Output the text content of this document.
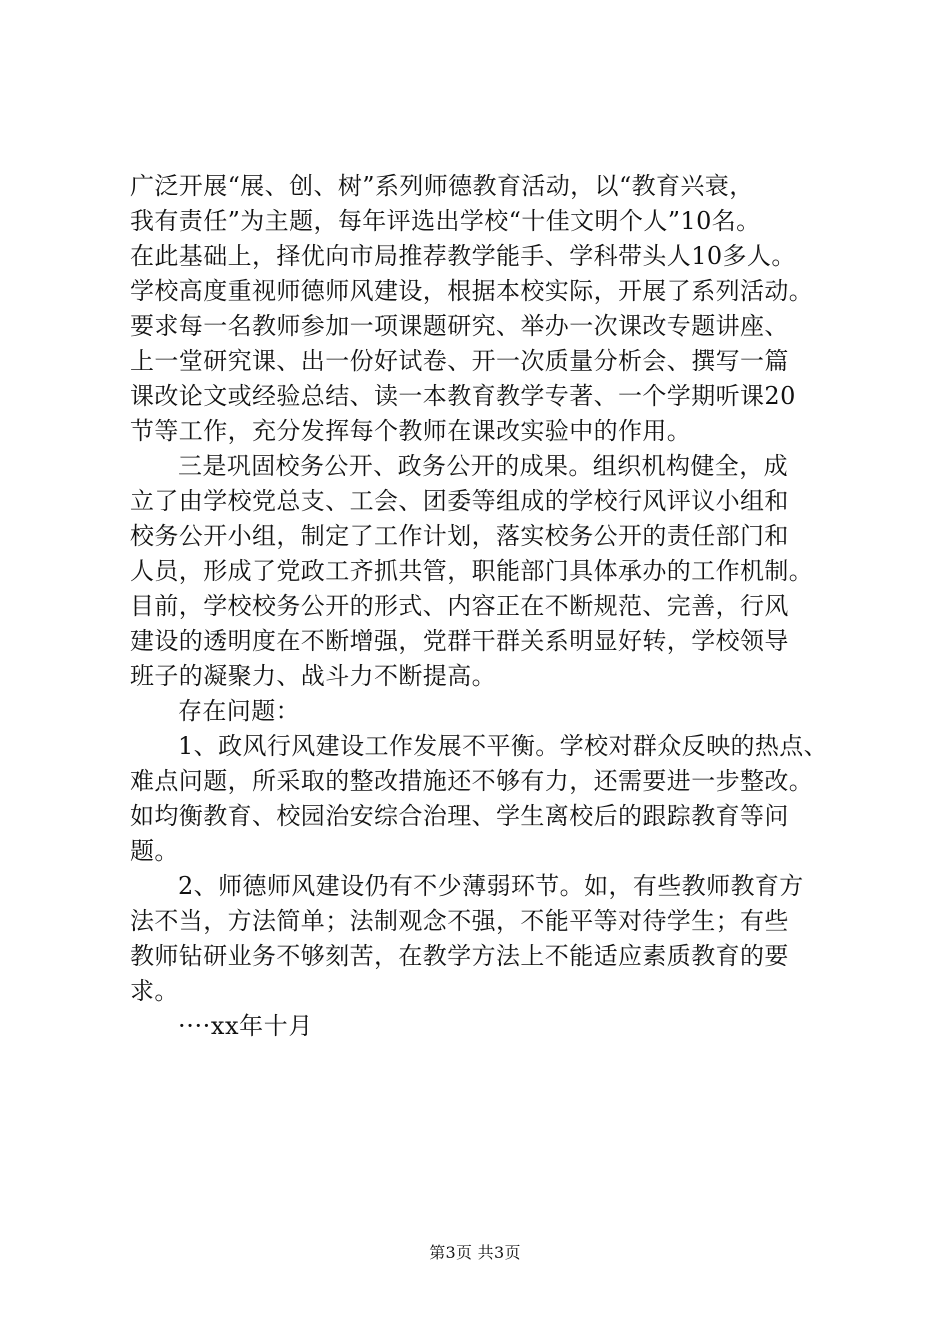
广泛开展“展、创、树”系列师德教育活动，以“教育兴衰，
我有责任”为主题，每年评选出学校“十佳文明个人”10名。
在此基础上，择优向市局推荐教学能手、学科带头人10多人。
学校高度重视师德师风建设，根据本校实际，开展了系列活动。
要求每一名教师参加一项课题研究、举办一次课改专题讲座、
上一堂研究课、出一份好试卷、开一次质量分析会、撰写一篇
课改论文或经验总结、读一本教育教学专著、一个学期听课20
节等工作，充分发挥每个教师在课改实验中的作用。
三是巩固校务公开、政务公开的成果。组织机构健全，成
立了由学校党总支、工会、团委等组成的学校行风评议小组和
校务公开小组，制定了工作计划，落实校务公开的责任部门和
人员，形成了党政工齐抓共管，职能部门具体承办的工作机制。
目前，学校校务公开的形式、内容正在不断规范、完善，行风
建设的透明度在不断增强，党群干群关系明显好转，学校领导
班子的凝聚力、战斗力不断提高。
存在问题：
1、政风行风建设工作发展不平衡。学校对群众反映的热点、
难点问题，所采取的整改措施还不够有力，还需要进一步整改。
如均衡教育、校园治安综合治理、学生离校后的跟踪教育等问
题。
2、师德师风建设仍有不少薄弱环节。如，有些教师教育方
法不当，方法简单；法制观念不强，不能平等对待学生；有些
教师钻研业务不够刻苦，在教学方法上不能适应素质教育的要
求。
····xx年十月
第3页 共3页
